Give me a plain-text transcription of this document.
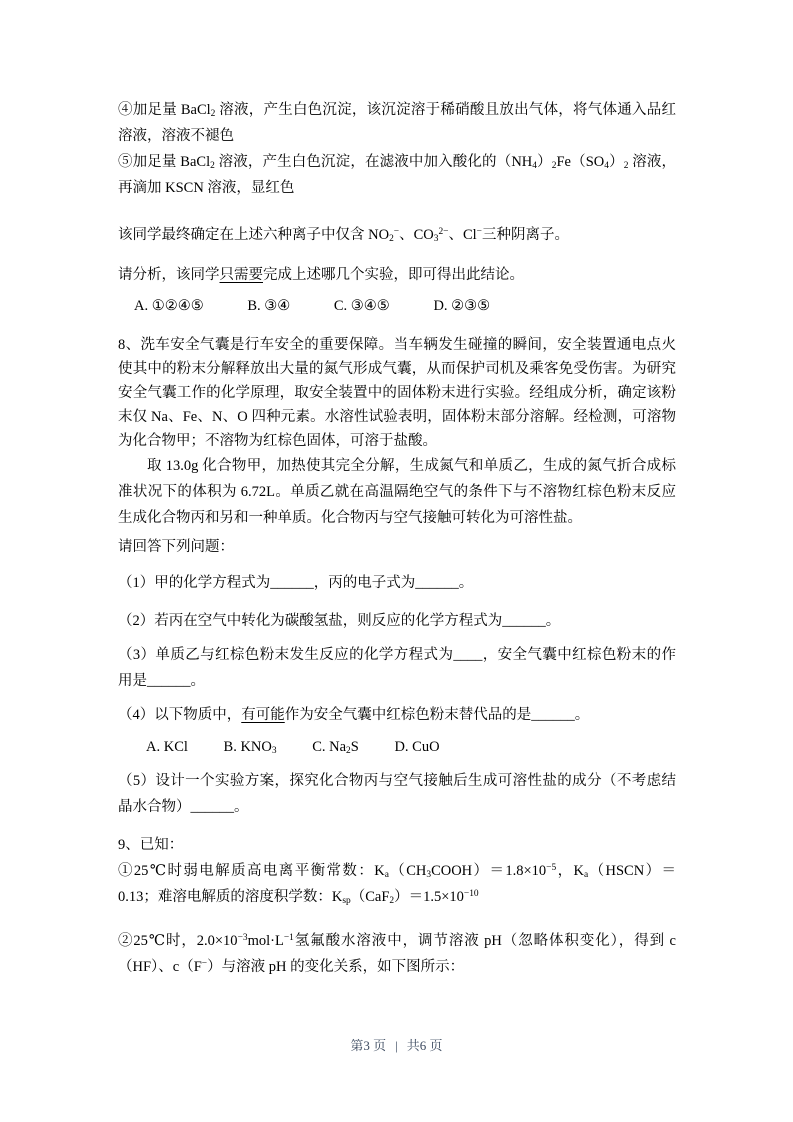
④加足量 BaCl$_2$ 溶液，产生白色沉淀，该沉淀溶于稀硝酸且放出气体，将气体通入品红溶液，溶液不褪色

⑤加足量 BaCl$_2$ 溶液，产生白色沉淀，在滤液中加入酸化的$(NH_4)_2Fe(SO_4)_2$ 溶液，再滴加 KSCN 溶液，显红色

该同学最终确定在上述六种离子中仅含 $NO_2^-$、$CO_3^{2-}$、Cl−三种阴离子。

请分析，该同学只需要完成上述哪几个实验，即可得出此结论。

A. ①②④⑤	B. ③④	C. ③④⑤	D. ②③⑤

8、洗车安全气囊是行车安全的重要保障。当车辆发生碰撞的瞬间，安全装置通电点火使其中的粉末分解释放出大量的氮气形成气囊，从而保护司机及乘客免受伤害。为研究安全气囊工作的化学原理，取安全装置中的固体粉末进行实验。经组成分析，确定该粉末仅 Na、Fe、N、O 四种元素。水溶性试验表明，固体粉末部分溶解。经检测，可溶物为化合物甲；不溶物为红棕色固体，可溶于盐酸。

取 13.0g 化合物甲，加热使其完全分解，生成氮气和单质乙，生成的氮气折合成标准状况下的体积为 6.72L。单质乙就在高温隔绝空气的条件下与不溶物红棕色粉末反应生成化合物丙和另和一种单质。化合物丙与空气接触可转化为可溶性盐。

请回答下列问题：

（1）甲的化学方程式为______，丙的电子式为______。

（2）若丙在空气中转化为碳酸氢盐，则反应的化学方程式为______。

（3）单质乙与红棕色粉末发生反应的化学方程式为____，安全气囊中红棕色粉末的作用是______。

（4）以下物质中，有可能作为安全气囊中红棕色粉末替代品的是______。

A. KCl B. $KNO_3$ C. $Na_2S$ D. CuO

（5）设计一个实验方案，探究化合物丙与空气接触后生成可溶性盐的成分（不考虑结晶水合物）______。

9、已知：

①25℃时弱电解质高电离平衡常数：$K_a(CH_3COOH)=1.8\times 10^{-5}$，$K_a(HSCN)=0.13$；难溶电解质的溶度积学数：$K_{sp}(CaF_2)=1.5\times 10^{-10}$

②25℃时，$2.0\times 10^{-3}mol\cdot L^{-1}$氢氟酸水溶液中，调节溶液 pH（忽略体积变化），得到 c（HF）、c（F−）与溶液 pH 的变化关系，如下图所示：

第3 页 | 共6 页
